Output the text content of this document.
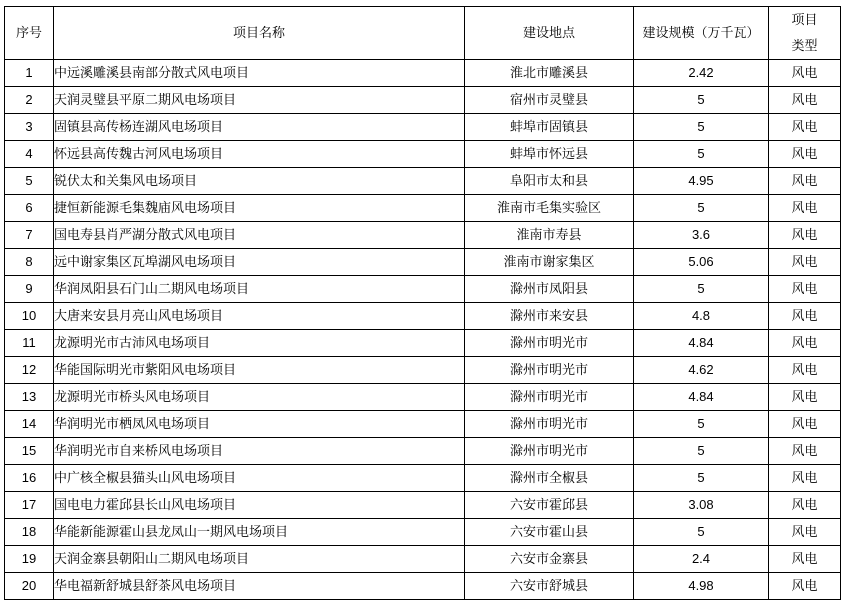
序号	项目名称	建设地点	建设规模（万千瓦）	项目
类型

1	中远溪雕溪县南部分散式风电项目	淮北市雕溪县	2.42	风电
2	天润灵璧县平原二期风电场项目	宿州市灵璧县	5	风电
3	固镇县高传杨连湖风电场项目	蚌埠市固镇县	5	风电
4	怀远县高传魏古河风电场项目	蚌埠市怀远县	5	风电
5	锐伏太和关集风电场项目	阜阳市太和县	4.95	风电
6	捷恒新能源毛集魏庙风电场项目	淮南市毛集实验区	5	风电
7	国电寿县肖严湖分散式风电项目	淮南市寿县	3.6	风电
8	远中谢家集区瓦埠湖风电场项目	淮南市谢家集区	5.06	风电
9	华润凤阳县石门山二期风电场项目	滁州市凤阳县	5	风电
10	大唐来安县月亮山风电场项目	滁州市来安县	4.8	风电
11	龙源明光市古沛风电场项目	滁州市明光市	4.84	风电
12	华能国际明光市紫阳风电场项目	滁州市明光市	4.62	风电
13	龙源明光市桥头风电场项目	滁州市明光市	4.84	风电
14	华润明光市栖凤风电场项目	滁州市明光市	5	风电
15	华润明光市自来桥风电场项目	滁州市明光市	5	风电
16	中广核全椒县猫头山风电场项目	滁州市全椒县	5	风电
17	国电电力霍邱县长山风电场项目	六安市霍邱县	3.08	风电
18	华能新能源霍山县龙凤山一期风电场项目	六安市霍山县	5	风电
19	天润金寨县朝阳山二期风电场项目	六安市金寨县	2.4	风电
20	华电福新舒城县舒茶风电场项目	六安市舒城县	4.98	风电
